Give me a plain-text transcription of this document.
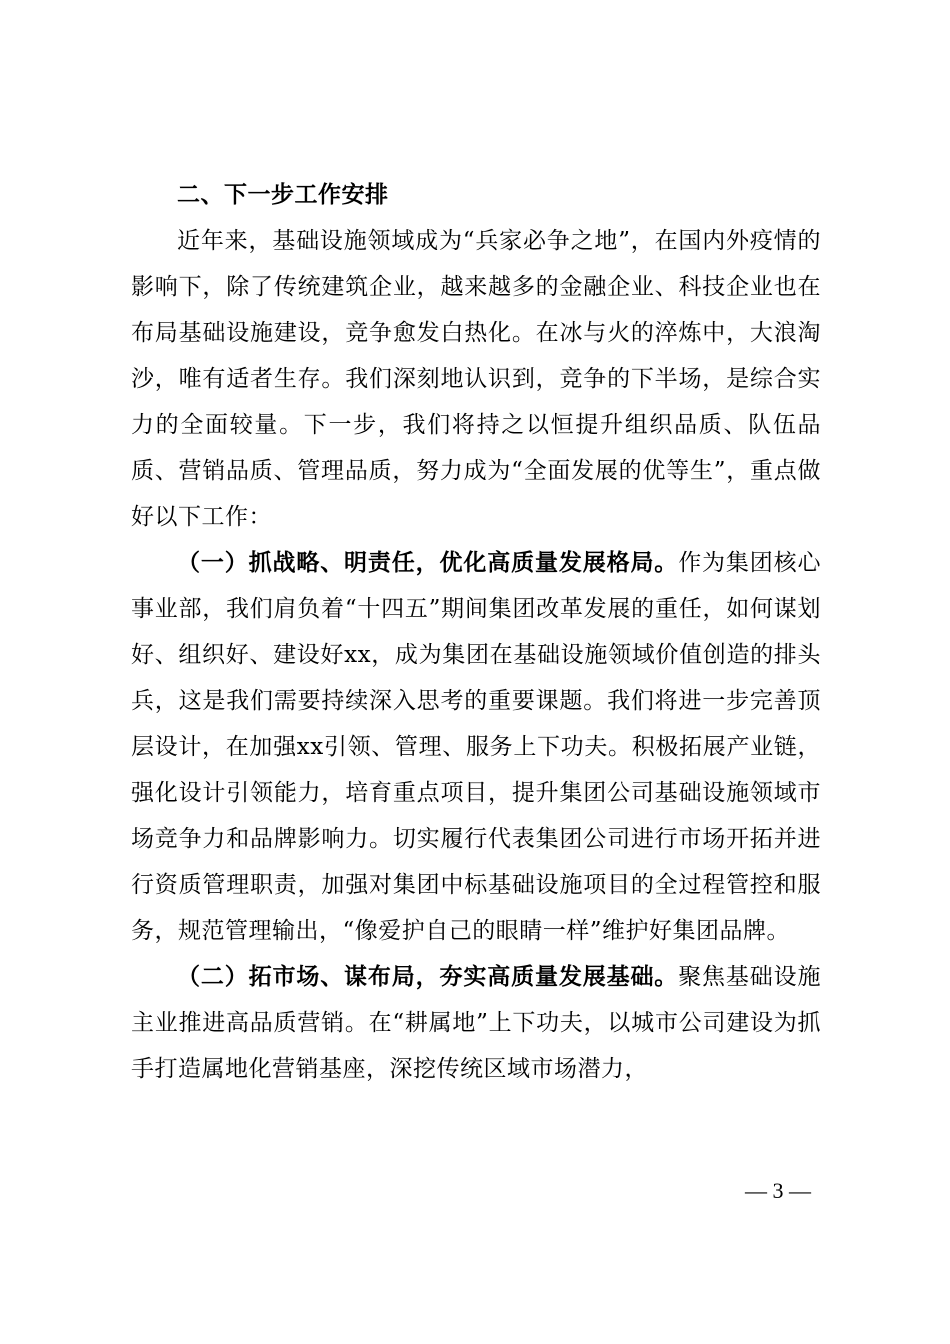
二、下一步工作安排

近年来，基础设施领域成为“兵家必争之地”，在国内外疫情的影响下，除了传统建筑企业，越来越多的金融企业、科技企业也在布局基础设施建设，竞争愈发白热化。在冰与火的淬炼中，大浪淘沙，唯有适者生存。我们深刻地认识到，竞争的下半场，是综合实力的全面较量。下一步，我们将持之以恒提升组织品质、队伍品质、营销品质、管理品质，努力成为“全面发展的优等生”，重点做好以下工作：

（一）抓战略、明责任，优化高质量发展格局。作为集团核心事业部，我们肩负着“十四五”期间集团改革发展的重任，如何谋划好、组织好、建设好xx，成为集团在基础设施领域价值创造的排头兵，这是我们需要持续深入思考的重要课题。我们将进一步完善顶层设计，在加强xx引领、管理、服务上下功夫。积极拓展产业链，强化设计引领能力，培育重点项目，提升集团公司基础设施领域市场竞争力和品牌影响力。切实履行代表集团公司进行市场开拓并进行资质管理职责，加强对集团中标基础设施项目的全过程管控和服务，规范管理输出，“像爱护自己的眼睛一样”维护好集团品牌。

（二）拓市场、谋布局，夯实高质量发展基础。聚焦基础设施主业推进高品质营销。在“耕属地”上下功夫，以城市公司建设为抓手打造属地化营销基座，深挖传统区域市场潜力，

— 3 —
